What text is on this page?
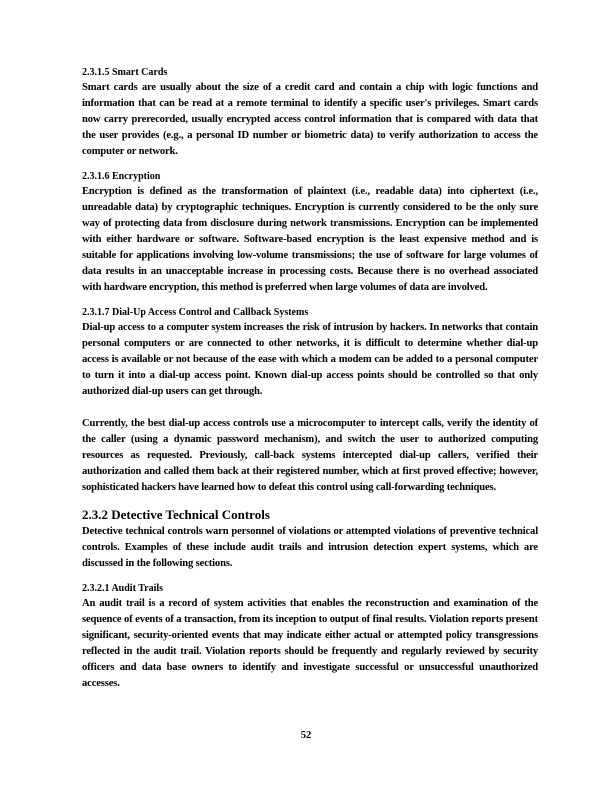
2.3.1.5 Smart Cards

Smart cards are usually about the size of a credit card and contain a chip with logic functions and information that can be read at a remote terminal to identify a specific user's privileges. Smart cards now carry prerecorded, usually encrypted access control information that is compared with data that the user provides (e.g., a personal ID number or biometric data) to verify authorization to access the computer or network.

2.3.1.6 Encryption

Encryption is defined as the transformation of plaintext (i.e., readable data) into ciphertext (i.e., unreadable data) by cryptographic techniques. Encryption is currently considered to be the only sure way of protecting data from disclosure during network transmissions. Encryption can be implemented with either hardware or software. Software-based encryption is the least expensive method and is suitable for applications involving low-volume transmissions; the use of software for large volumes of data results in an unacceptable increase in processing costs. Because there is no overhead associated with hardware encryption, this method is preferred when large volumes of data are involved.

2.3.1.7 Dial-Up Access Control and Callback Systems

Dial-up access to a computer system increases the risk of intrusion by hackers. In networks that contain personal computers or are connected to other networks, it is difficult to determine whether dial-up access is available or not because of the ease with which a modem can be added to a personal computer to turn it into a dial-up access point. Known dial-up access points should be controlled so that only authorized dial-up users can get through.

Currently, the best dial-up access controls use a microcomputer to intercept calls, verify the identity of the caller (using a dynamic password mechanism), and switch the user to authorized computing resources as requested. Previously, call-back systems intercepted dial-up callers, verified their authorization and called them back at their registered number, which at first proved effective; however, sophisticated hackers have learned how to defeat this control using call-forwarding techniques.

2.3.2 Detective Technical Controls

Detective technical controls warn personnel of violations or attempted violations of preventive technical controls. Examples of these include audit trails and intrusion detection expert systems, which are discussed in the following sections.

2.3.2.1 Audit Trails

An audit trail is a record of system activities that enables the reconstruction and examination of the sequence of events of a transaction, from its inception to output of final results. Violation reports present significant, security-oriented events that may indicate either actual or attempted policy transgressions reflected in the audit trail. Violation reports should be frequently and regularly reviewed by security officers and data base owners to identify and investigate successful or unsuccessful unauthorized accesses.

52
